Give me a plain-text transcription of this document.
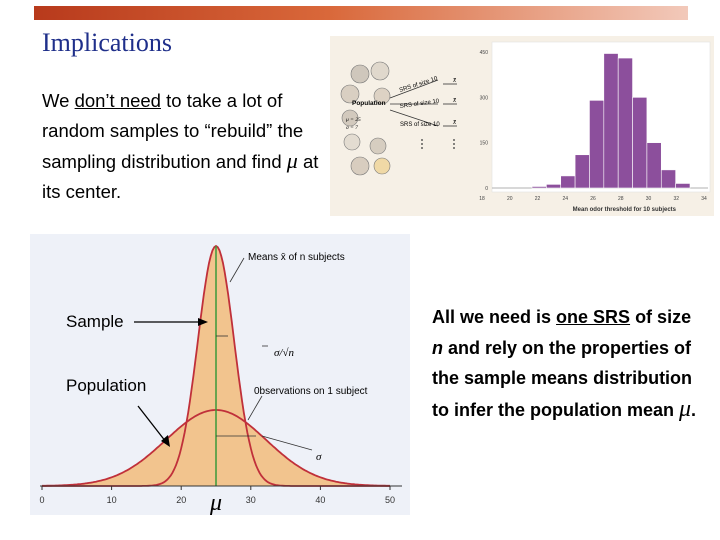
Implications
We don’t need to take a lot of random samples to “rebuild” the sampling distribution and find μ at its center.
Population
μ = 25
σ = 7
SRS of size 10
SRS of size 10
SRS of size 10
x̄
x̄
x̄
450
300
150
0
18	20	22	24	26	28	30	32	34
Mean odor threshold for 10 subjects
0	10	20	30	40	50
σ/√n
σ
Means x̄ of n subjects
0bservations on 1 subject
μ
Sample
Population
All we need is one SRS of size n and rely on the properties of the sample means distribution to infer the population mean μ.
